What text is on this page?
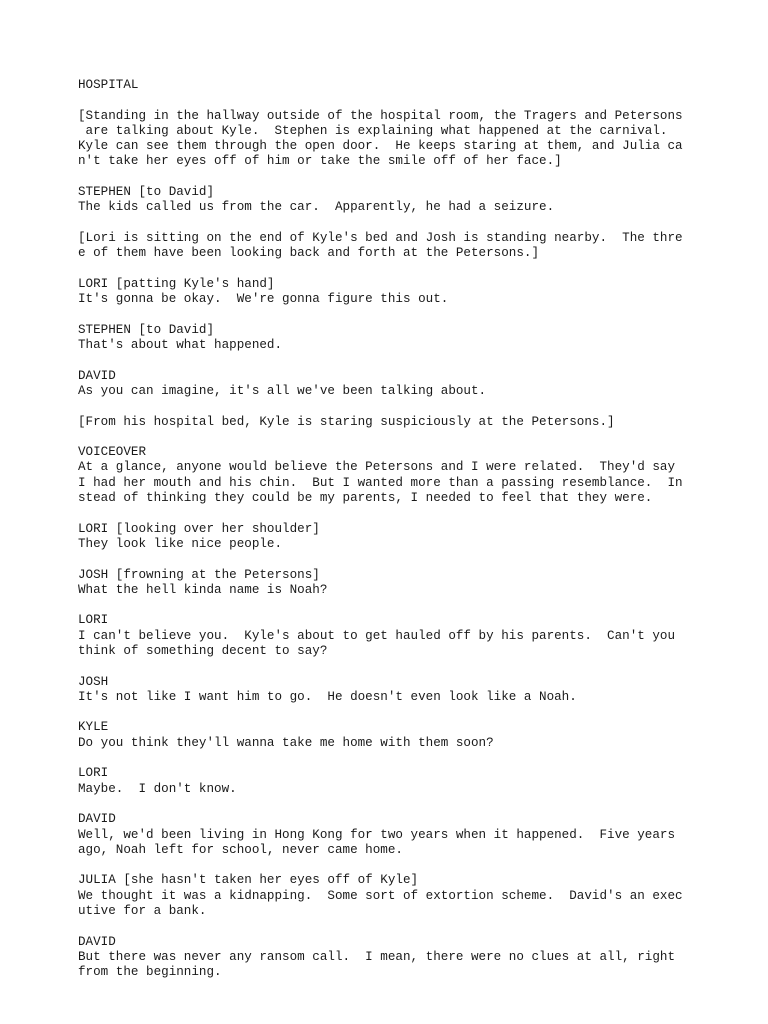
HOSPITAL
[Standing in the hallway outside of the hospital room, the Tragers and Petersons
are talking about Kyle.  Stephen is explaining what happened at the carnival.
Kyle can see them through the open door.  He keeps staring at them, and Julia ca
n't take her eyes off of him or take the smile off of her face.]
STEPHEN [to David]
The kids called us from the car.  Apparently, he had a seizure.
[Lori is sitting on the end of Kyle's bed and Josh is standing nearby.  The thre
e of them have been looking back and forth at the Petersons.]
LORI [patting Kyle's hand]
It's gonna be okay.  We're gonna figure this out.
STEPHEN [to David]
That's about what happened.
DAVID
As you can imagine, it's all we've been talking about.
[From his hospital bed, Kyle is staring suspiciously at the Petersons.]
VOICEOVER
At a glance, anyone would believe the Petersons and I were related.  They'd say
I had her mouth and his chin.  But I wanted more than a passing resemblance.  In
stead of thinking they could be my parents, I needed to feel that they were.
LORI [looking over her shoulder]
They look like nice people.
JOSH [frowning at the Petersons]
What the hell kinda name is Noah?
LORI
I can't believe you.  Kyle's about to get hauled off by his parents.  Can't you
think of something decent to say?
JOSH
It's not like I want him to go.  He doesn't even look like a Noah.
KYLE
Do you think they'll wanna take me home with them soon?
LORI
Maybe.  I don't know.
DAVID
Well, we'd been living in Hong Kong for two years when it happened.  Five years
ago, Noah left for school, never came home.
JULIA [she hasn't taken her eyes off of Kyle]
We thought it was a kidnapping.  Some sort of extortion scheme.  David's an exec
utive for a bank.
DAVID
But there was never any ransom call.  I mean, there were no clues at all, right
from the beginning.
